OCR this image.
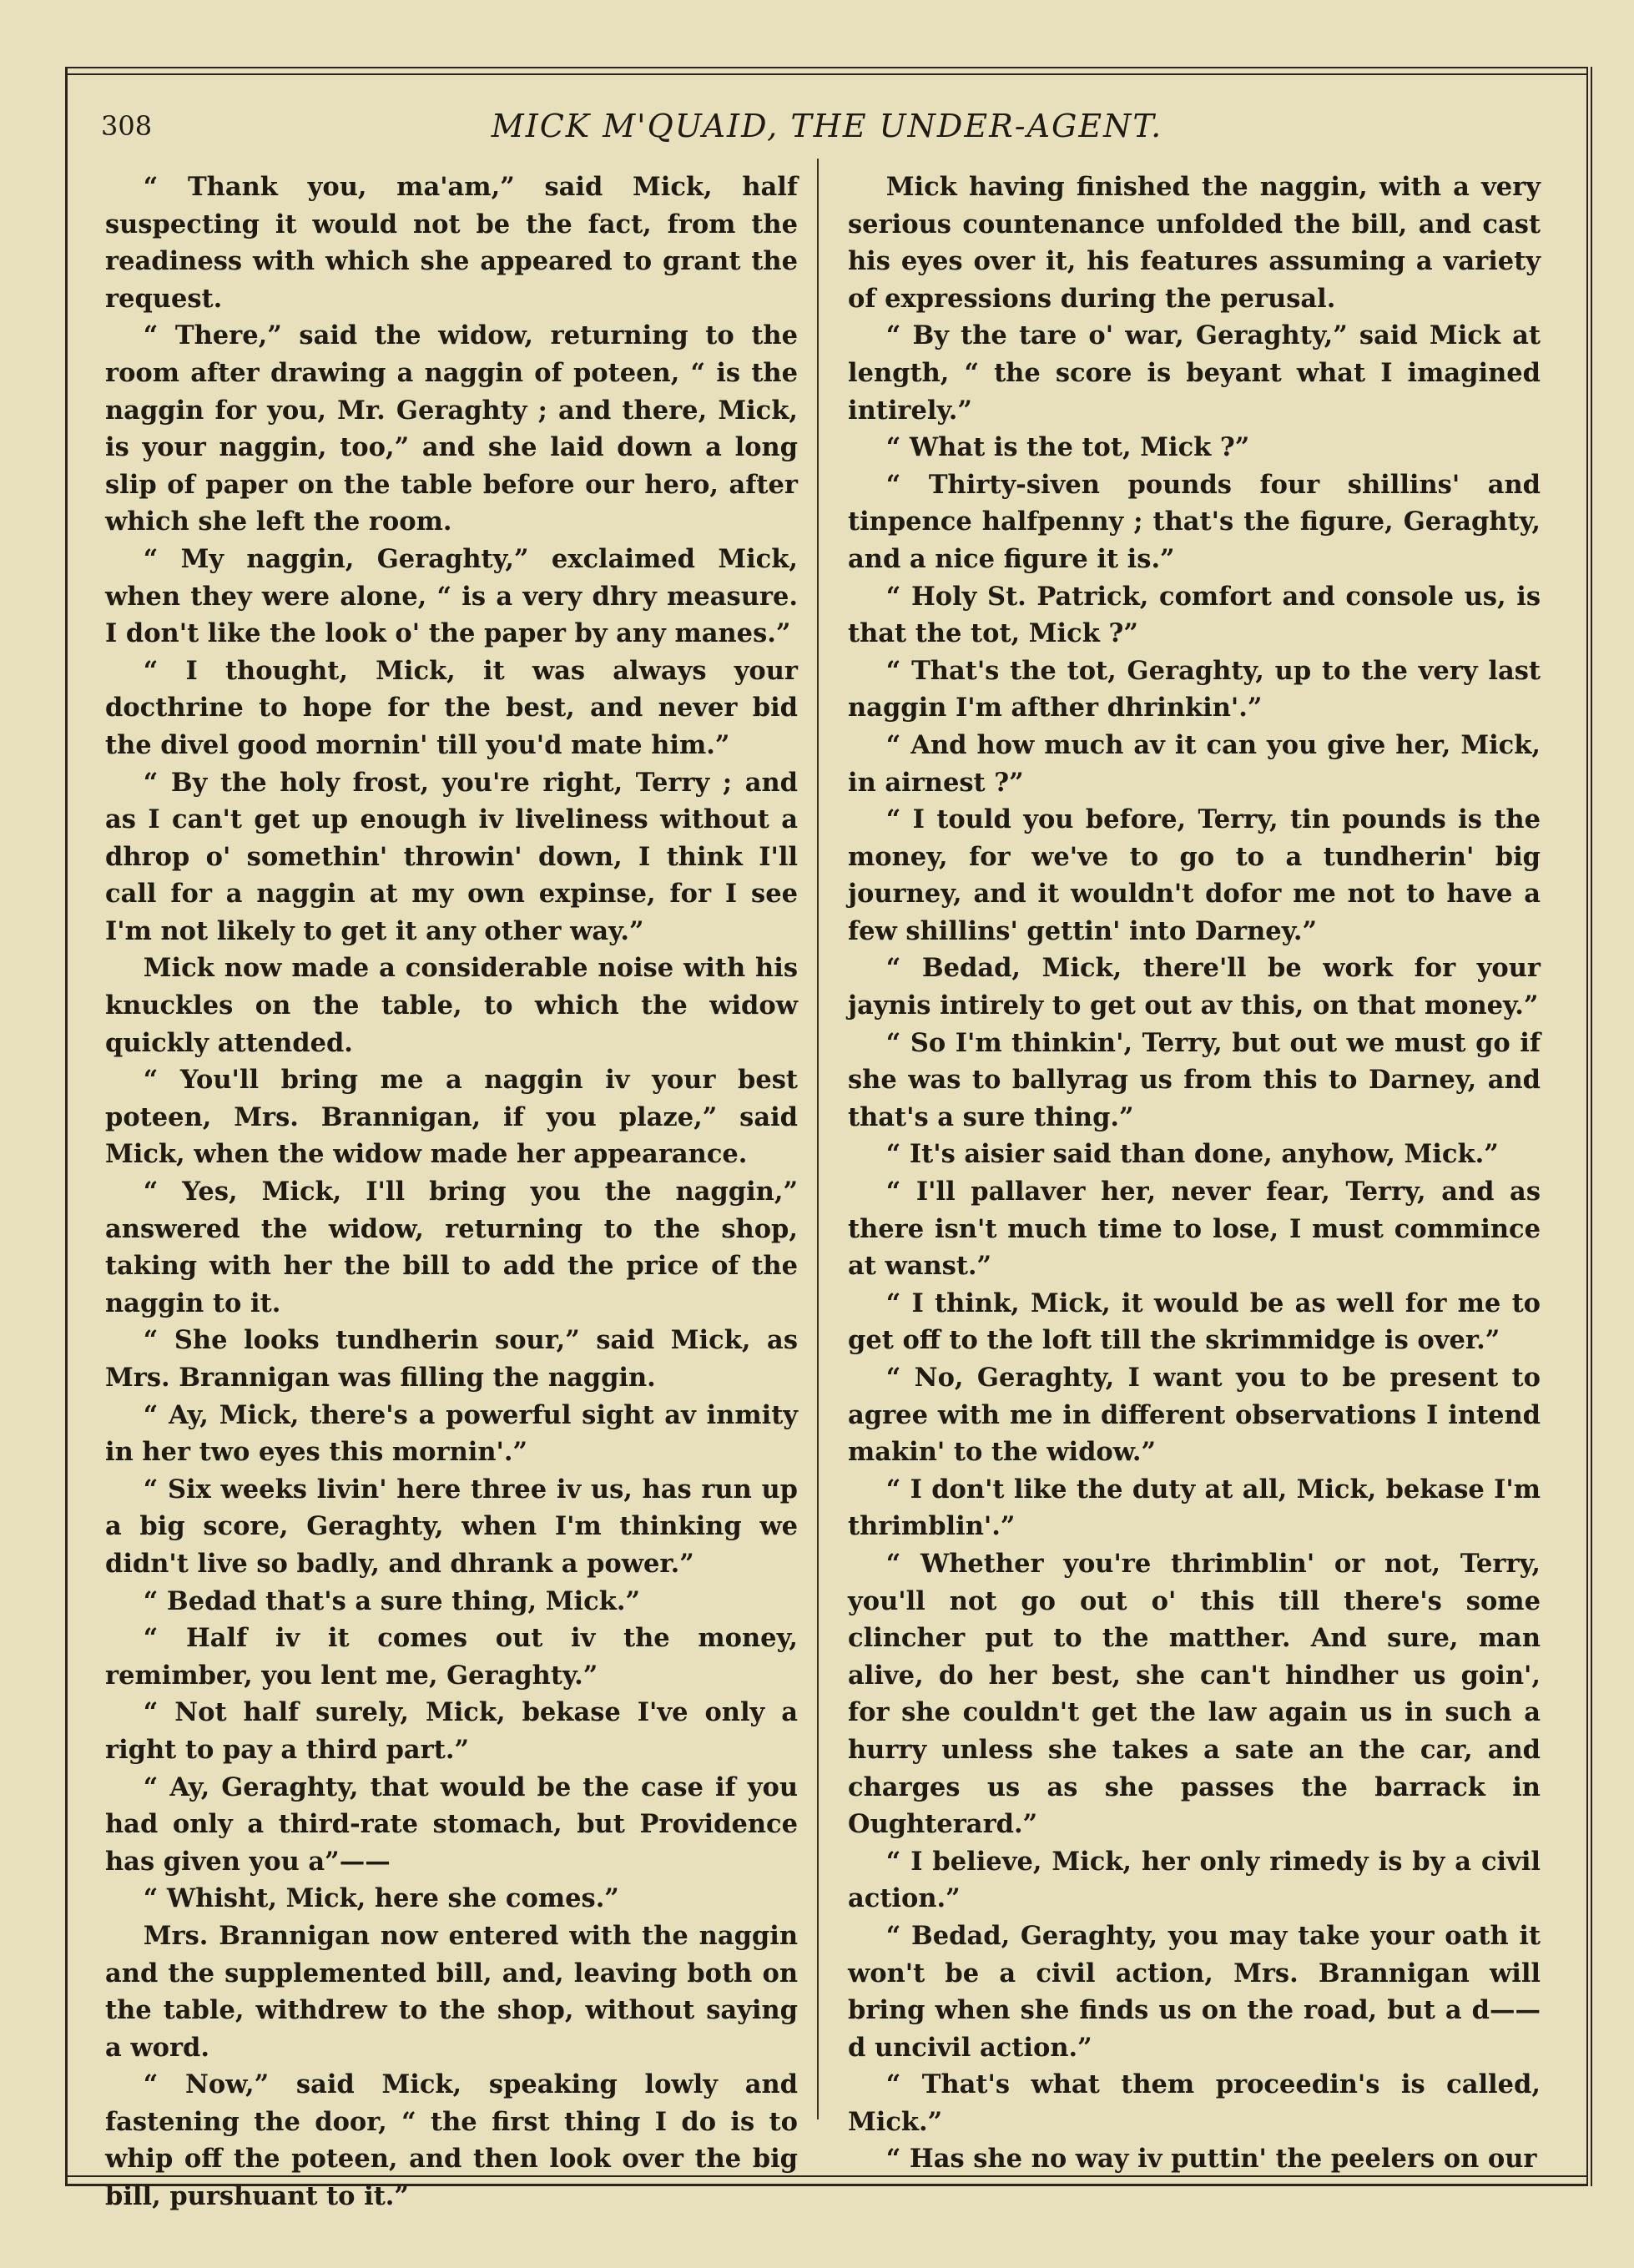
308	MICK M'QUAID, THE UNDER-AGENT.

“ Thank you, ma'am,” said Mick, half suspecting it would not be the fact, from the readiness with which she appeared to grant the request.

“ There,” said the widow, returning to the room after drawing a naggin of poteen, “ is the naggin for you, Mr. Geraghty ; and there, Mick, is your naggin, too,” and she laid down a long slip of paper on the table before our hero, after which she left the room.

“ My naggin, Geraghty,” exclaimed Mick, when they were alone, “ is a very dhry measure. I don't like the look o' the paper by any manes.”

“ I thought, Mick, it was always your docthrine to hope for the best, and never bid the divel good mornin' till you'd mate him.”

“ By the holy frost, you're right, Terry ; and as I can't get up enough iv liveliness without a dhrop o' somethin' throwin' down, I think I'll call for a naggin at my own expinse, for I see I'm not likely to get it any other way.”

Mick now made a considerable noise with his knuckles on the table, to which the widow quickly attended.

“ You'll bring me a naggin iv your best poteen, Mrs. Brannigan, if you plaze,” said Mick, when the widow made her appearance.

“ Yes, Mick, I'll bring you the naggin,” answered the widow, returning to the shop, taking with her the bill to add the price of the naggin to it.

“ She looks tundherin sour,” said Mick, as Mrs. Brannigan was filling the naggin.

“ Ay, Mick, there's a powerful sight av inmity in her two eyes this mornin'.”

“ Six weeks livin' here three iv us, has run up a big score, Geraghty, when I'm thinking we didn't live so badly, and dhrank a power.”

“ Bedad that's a sure thing, Mick.”

“ Half iv it comes out iv the money, remimber, you lent me, Geraghty.”

“ Not half surely, Mick, bekase I've only a right to pay a third part.”

“ Ay, Geraghty, that would be the case if you had only a third-rate stomach, but Providence has given you a”——

“ Whisht, Mick, here she comes.”

Mrs. Brannigan now entered with the naggin and the supplemented bill, and, leaving both on the table, withdrew to the shop, without saying a word.

“ Now,” said Mick, speaking lowly and fastening the door, “ the first thing I do is to whip off the poteen, and then look over the big bill, purshuant to it.”

Mick having finished the naggin, with a very serious countenance unfolded the bill, and cast his eyes over it, his features assuming a variety of expressions during the perusal.

“ By the tare o' war, Geraghty,” said Mick at length, “ the score is beyant what I imagined intirely.”

“ What is the tot, Mick ?”

“ Thirty-siven pounds four shillins' and tinpence halfpenny ; that's the figure, Geraghty, and a nice figure it is.”

“ Holy St. Patrick, comfort and console us, is that the tot, Mick ?”

“ That's the tot, Geraghty, up to the very last naggin I'm afther dhrinkin'.”

“ And how much av it can you give her, Mick, in airnest ?”

“ I tould you before, Terry, tin pounds is the money, for we've to go to a tundherin' big journey, and it wouldn't dofor me not to have a few shillins' gettin' into Darney.”

“ Bedad, Mick, there'll be work for your jaynis intirely to get out av this, on that money.”

“ So I'm thinkin', Terry, but out we must go if she was to ballyrag us from this to Darney, and that's a sure thing.”

“ It's aisier said than done, anyhow, Mick.”

“ I'll pallaver her, never fear, Terry, and as there isn't much time to lose, I must commince at wanst.”

“ I think, Mick, it would be as well for me to get off to the loft till the skrimmidge is over.”

“ No, Geraghty, I want you to be present to agree with me in different observations I intend makin' to the widow.”

“ I don't like the duty at all, Mick, bekase I'm thrimblin'.”

“ Whether you're thrimblin' or not, Terry, you'll not go out o' this till there's some clincher put to the matther. And sure, man alive, do her best, she can't hindher us goin', for she couldn't get the law again us in such a hurry unless she takes a sate an the car, and charges us as she passes the barrack in Oughterard.”

“ I believe, Mick, her only rimedy is by a civil action.”

“ Bedad, Geraghty, you may take your oath it won't be a civil action, Mrs. Brannigan will bring when she finds us on the road, but a d——d uncivil action.”

“ That's what them proceedin's is called, Mick.”

“ Has she no way iv puttin' the peelers on our
